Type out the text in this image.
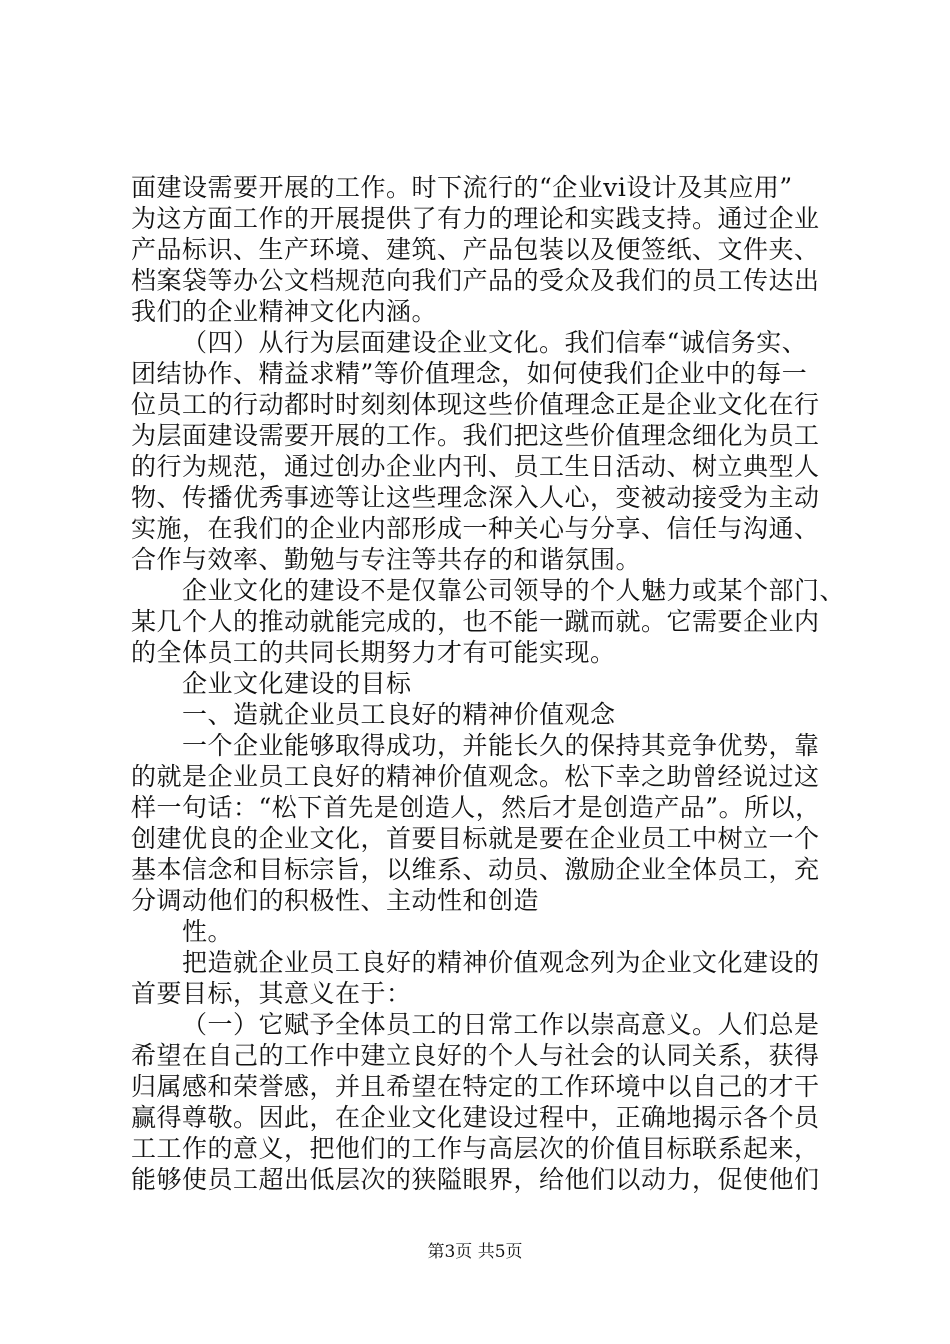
面建设需要开展的工作。时下流行的“企业vi设计及其应用”
为这方面工作的开展提供了有力的理论和实践支持。通过企业
产品标识、生产环境、建筑、产品包装以及便签纸、文件夹、
档案袋等办公文档规范向我们产品的受众及我们的员工传达出
我们的企业精神文化内涵。
（四）从行为层面建设企业文化。我们信奉“诚信务实、
团结协作、精益求精”等价值理念，如何使我们企业中的每一
位员工的行动都时时刻刻体现这些价值理念正是企业文化在行
为层面建设需要开展的工作。我们把这些价值理念细化为员工
的行为规范，通过创办企业内刊、员工生日活动、树立典型人
物、传播优秀事迹等让这些理念深入人心，变被动接受为主动
实施，在我们的企业内部形成一种关心与分享、信任与沟通、
合作与效率、勤勉与专注等共存的和谐氛围。
企业文化的建设不是仅靠公司领导的个人魅力或某个部门、
某几个人的推动就能完成的，也不能一蹴而就。它需要企业内
的全体员工的共同长期努力才有可能实现。
企业文化建设的目标
一、造就企业员工良好的精神价值观念
一个企业能够取得成功，并能长久的保持其竞争优势，靠
的就是企业员工良好的精神价值观念。松下幸之助曾经说过这
样一句话：“松下首先是创造人，然后才是创造产品”。所以，
创建优良的企业文化，首要目标就是要在企业员工中树立一个
基本信念和目标宗旨，以维系、动员、激励企业全体员工，充
分调动他们的积极性、主动性和创造
性。
把造就企业员工良好的精神价值观念列为企业文化建设的
首要目标，其意义在于：
（一）它赋予全体员工的日常工作以崇高意义。人们总是
希望在自己的工作中建立良好的个人与社会的认同关系，获得
归属感和荣誉感，并且希望在特定的工作环境中以自己的才干
赢得尊敬。因此，在企业文化建设过程中，正确地揭示各个员
工工作的意义，把他们的工作与高层次的价值目标联系起来，
能够使员工超出低层次的狭隘眼界，给他们以动力，促使他们
第3页 共5页
